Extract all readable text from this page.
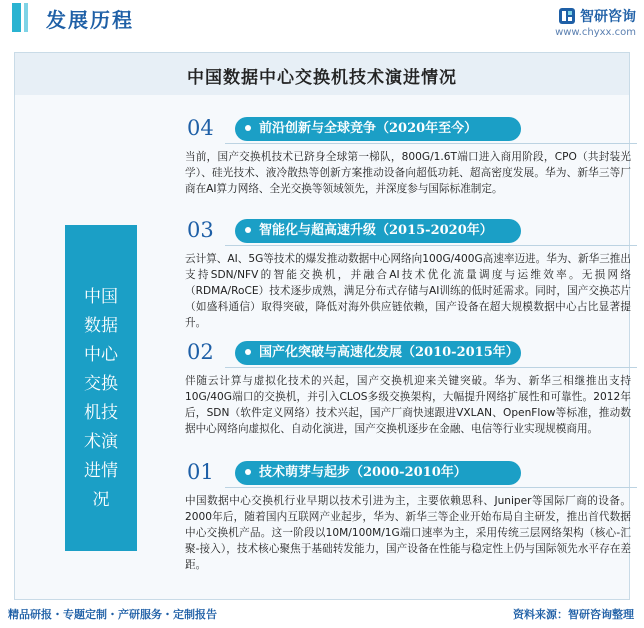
发展历程
Development status	智研咨询
www.chyxx.com
中国数据中心交换机技术演进情况
中国
数据
中心
交换
机技
术演
进情
况
04	前沿创新与全球竞争（2020年至今）
当前，国产交换机技术已跻身全球第一梯队，800G/1.6T端口进入商用阶段，CPO（共封装光学）、硅光技术、液冷散热等创新方案推动设备向超低功耗、超高密度发展。华为、新华三等厂商在AI算力网络、全光交换等领域领先，并深度参与国际标准制定。
03	智能化与超高速升级（2015-2020年）
云计算、AI、5G等技术的爆发推动数据中心网络向100G/400G高速率迈进。华为、新华三推出支持SDN/NFV的智能交换机，并融合AI技术优化流量调度与运维效率。无损网络（RDMA/RoCE）技术逐步成熟，满足分布式存储与AI训练的低时延需求。同时，国产交换芯片（如盛科通信）取得突破，降低对海外供应链依赖，国产设备在超大规模数据中心占比显著提升。
02	国产化突破与高速化发展（2010-2015年）
伴随云计算与虚拟化技术的兴起，国产交换机迎来关键突破。华为、新华三相继推出支持10G/40G端口的交换机，并引入CLOS多级交换架构，大幅提升网络扩展性和可靠性。2012年后，SDN（软件定义网络）技术兴起，国产厂商快速跟进VXLAN、OpenFlow等标准，推动数据中心网络向虚拟化、自动化演进，国产交换机逐步在金融、电信等行业实现规模商用。
01	技术萌芽与起步（2000-2010年）
中国数据中心交换机行业早期以技术引进为主，主要依赖思科、Juniper等国际厂商的设备。2000年后，随着国内互联网产业起步，华为、新华三等企业开始布局自主研发，推出首代数据中心交换机产品。这一阶段以10M/100M/1G端口速率为主，采用传统三层网络架构（核心-汇聚-接入），技术核心聚焦于基础转发能力，国产设备在性能与稳定性上仍与国际领先水平存在差距。
精品研报・专题定制・产研服务・定制报告	资料来源：智研咨询整理
